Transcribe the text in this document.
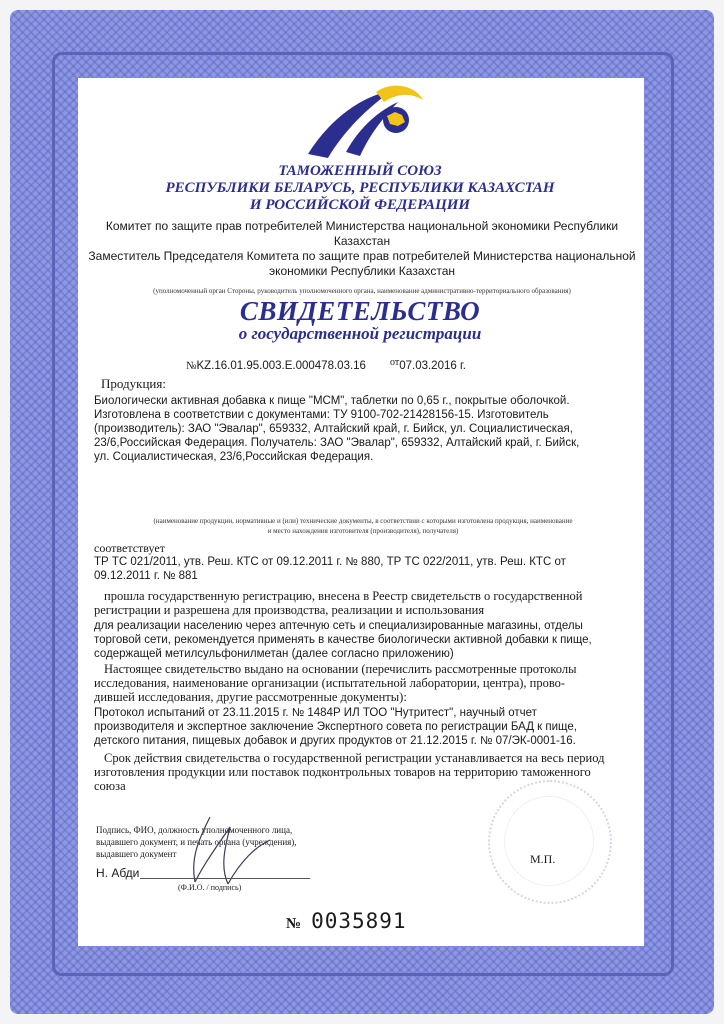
ТАМОЖЕННЫЙ СОЮЗ
РЕСПУБЛИКИ БЕЛАРУСЬ, РЕСПУБЛИКИ КАЗАХСТАН
И РОССИЙСКОЙ ФЕДЕРАЦИИ
Комитет по защите прав потребителей Министерства национальной экономики Республики
Казахстан
Заместитель Председателя Комитета по защите прав потребителей Министерства национальной
экономики Республики Казахстан
(уполномоченный орган Стороны, руководитель уполномоченного органа, наименование административно-территориального образования)
СВИДЕТЕЛЬСТВО
о государственной регистрации
№KZ.16.01.95.003.E.000478.03.16 $^{от}$07.03.2016 г.
Продукция:
Биологически активная добавка к пище "МСМ", таблетки по 0,65 г., покрытые оболочкой.
Изготовлена в соответствии с документами: ТУ 9100-702-21428156-15. Изготовитель
(производитель): ЗАО "Эвалар", 659332, Алтайский край, г. Бийск, ул. Социалистическая,
23/6,Российская Федерация. Получатель: ЗАО "Эвалар", 659332, Алтайский край, г. Бийск,
ул. Социалистическая, 23/6,Российская Федерация.
(наименование продукции, нормативные и (или) технические документы, в соответствии с которыми изготовлена продукция, наименование
и место нахождения изготовителя (производителя), получателя)
соответствует
ТР ТС 021/2011, утв. Реш. КТС от 09.12.2011 г. № 880, ТР ТС 022/2011, утв. Реш. КТС от
09.12.2011 г. № 881
прошла государственную регистрацию, внесена в Реестр свидетельств о государственной
регистрации и разрешена для производства, реализации и использования
для реализации населению через аптечную сеть и специализированные магазины, отделы
торговой сети, рекомендуется применять в качестве биологически активной добавки к пище,
содержащей метилсульфонилметан (далее согласно приложению)
Настоящее свидетельство выдано на основании (перечислить рассмотренные протоколы
исследования, наименование организации (испытательной лаборатории, центра), прово-
дившей исследования, другие рассмотренные документы):
Протокол испытаний от 23.11.2015 г. № 1484Р ИЛ ТОО "Нутритест", научный отчет
производителя и экспертное заключение Экспертного совета по регистрации БАД к пище,
детского питания, пищевых добавок и других продуктов от 21.12.2015 г. № 07/ЭК-0001-16.
Срок действия свидетельства о государственной регистрации устанавливается на весь период
изготовления продукции или поставок подконтрольных товаров на территорию таможенного
союза
Подпись, ФИО, должность уполномоченного лица,
выдавшего документ, и печать органа (учреждения),
выдавшего документ
Н. Абди
(Ф.И.О. / подпись)
М.П.
№ 0035891
